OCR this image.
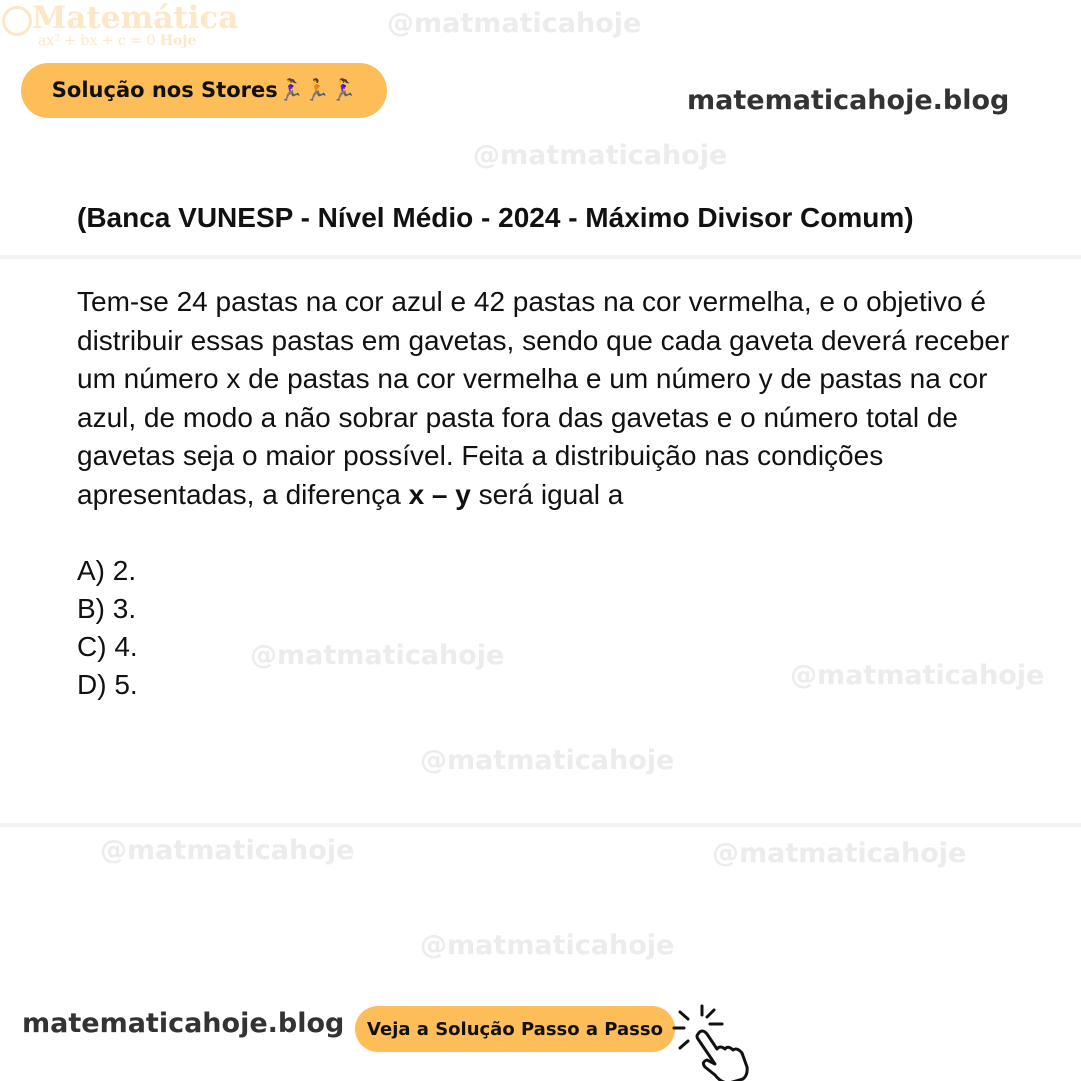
@matmaticahoje
@matmaticahoje
@matmaticahoje
@matmaticahoje
@matmaticahoje
@matmaticahoje
@matmaticahoje	@matmaticahoje
Matemática
ax² + bx + c = 0 Hoje
Solução nos Stores🏃‍♀️🏃🏃‍♀️	matematicahoje.blog
(Banca VUNESP - Nível Médio - 2024 - Máximo Divisor Comum)
Tem-se 24 pastas na cor azul e 42 pastas na cor vermelha, e o objetivo é distribuir essas pastas em gavetas, sendo que cada gaveta deverá receber um número x de pastas na cor vermelha e um número y de pastas na cor azul, de modo a não sobrar pasta fora das gavetas e o número total de gavetas seja o maior possível. Feita a distribuição nas condições apresentadas, a diferença x – y será igual a
A) 2.
B) 3.
C) 4.
D) 5.
matematicahoje.blog Veja a Solução Passo a Passo
